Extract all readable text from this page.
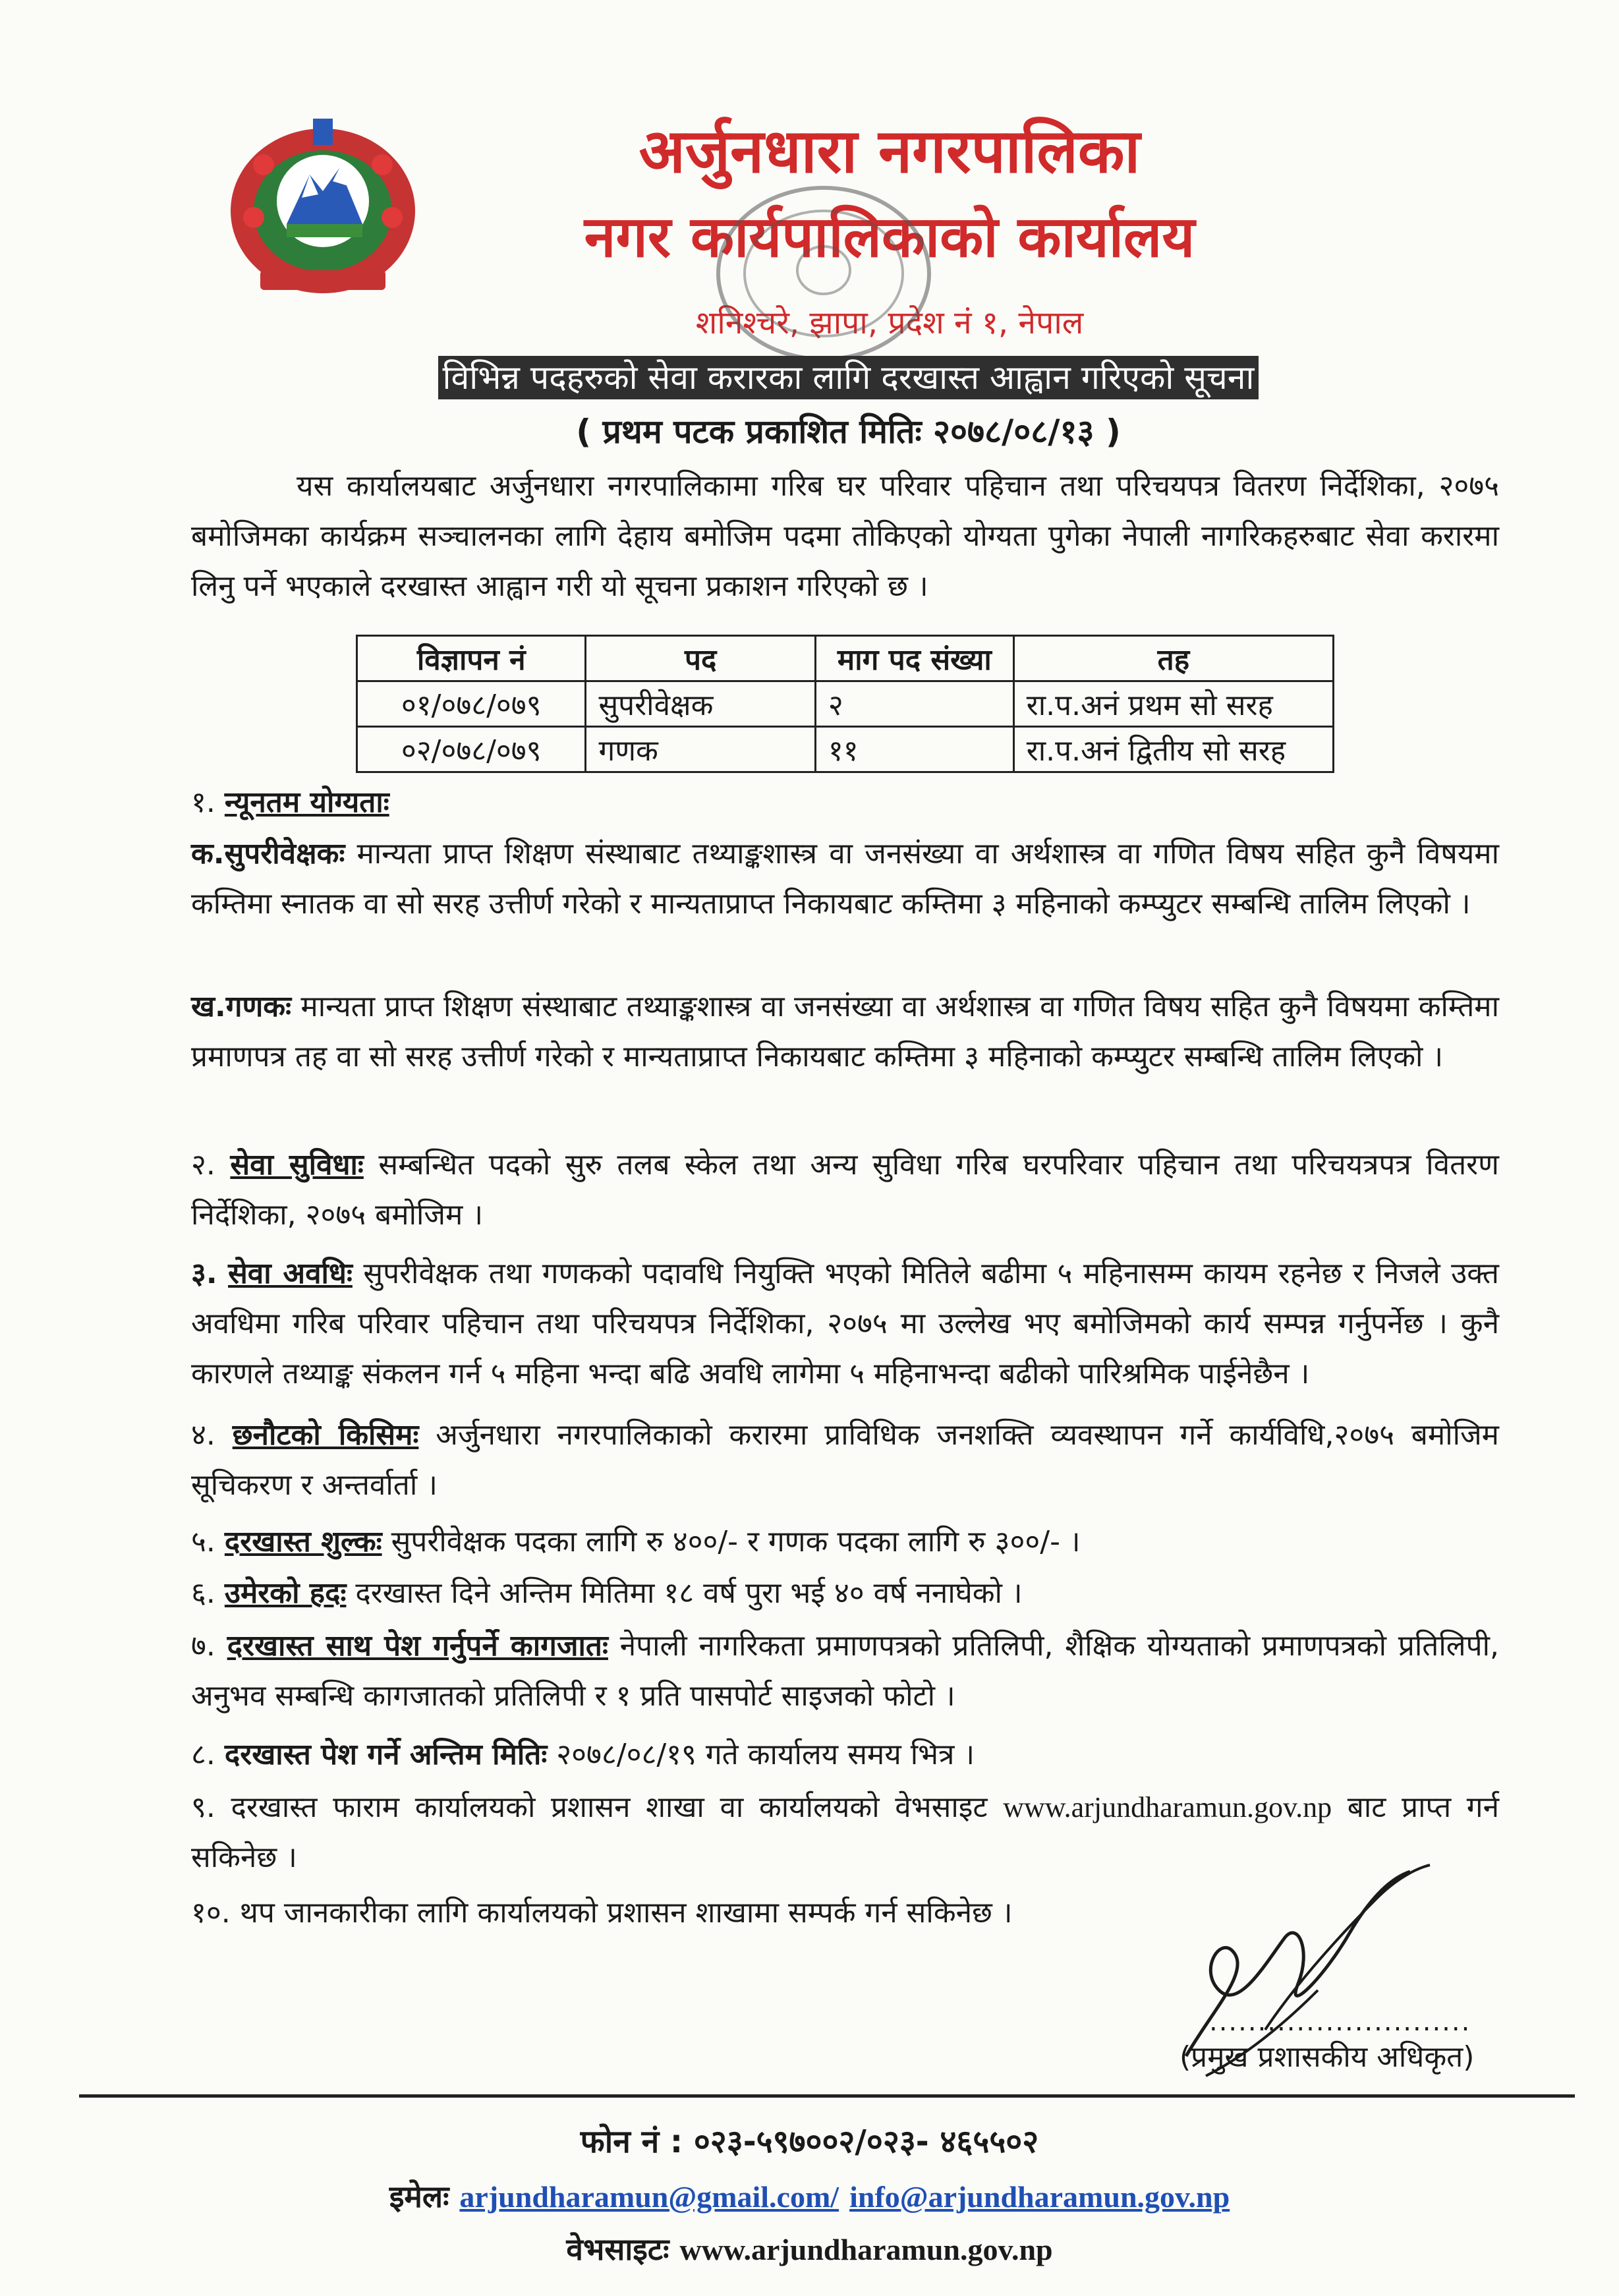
अर्जुनधारा नगरपालिका
नगर कार्यपालिकाको कार्यालय
शनिश्चरे, झापा, प्रदेश नं १, नेपाल
विभिन्न पदहरुको सेवा करारका लागि दरखास्त आह्वान गरिएको सूचना
( प्रथम पटक प्रकाशित मितिः २०७८/०८/१३ )
यस कार्यालयबाट अर्जुनधारा नगरपालिकामा गरिब घर परिवार पहिचान तथा परिचयपत्र वितरण निर्देशिका, २०७५ बमोजिमका कार्यक्रम सञ्चालनका लागि देहाय बमोजिम पदमा तोकिएको योग्यता पुगेका नेपाली नागरिकहरुबाट सेवा करारमा लिनु पर्ने भएकाले दरखास्त आह्वान गरी यो सूचना प्रकाशन गरिएको छ ।
विज्ञापन नं	पद	माग पद संख्या	तह
०१/०७८/०७९	सुपरीवेक्षक	२	रा.प.अनं प्रथम सो सरह
०२/०७८/०७९	गणक	११	रा.प.अनं द्वितीय सो सरह
१. न्यूनतम योग्यताः
क.सुपरीवेक्षकः मान्यता प्राप्त शिक्षण संस्थाबाट तथ्याङ्कशास्त्र वा जनसंख्या वा अर्थशास्त्र वा गणित विषय सहित कुनै विषयमा कम्तिमा स्नातक वा सो सरह उत्तीर्ण गरेको र मान्यताप्राप्त निकायबाट कम्तिमा ३ महिनाको कम्प्युटर सम्बन्धि तालिम लिएको ।
ख.गणकः मान्यता प्राप्त शिक्षण संस्थाबाट तथ्याङ्कशास्त्र वा जनसंख्या वा अर्थशास्त्र वा गणित विषय सहित कुनै विषयमा कम्तिमा प्रमाणपत्र तह वा सो सरह उत्तीर्ण गरेको र मान्यताप्राप्त निकायबाट कम्तिमा ३ महिनाको कम्प्युटर सम्बन्धि तालिम लिएको ।
२. सेवा सुविधाः सम्बन्धित पदको सुरु तलब स्केल तथा अन्य सुविधा गरिब घरपरिवार पहिचान तथा परिचयत्रपत्र वितरण निर्देशिका, २०७५ बमोजिम ।
३. सेवा अवधिः सुपरीवेक्षक तथा गणकको पदावधि नियुक्ति भएको मितिले बढीमा ५ महिनासम्म कायम रहनेछ र निजले उक्त अवधिमा गरिब परिवार पहिचान तथा परिचयपत्र निर्देशिका, २०७५ मा उल्लेख भए बमोजिमको कार्य सम्पन्न गर्नुपर्नेछ । कुनै कारणले तथ्याङ्क संकलन गर्न ५ महिना भन्दा बढि अवधि लागेमा ५ महिनाभन्दा बढीको पारिश्रमिक पाईनेछैन ।
४. छनौटको किसिमः अर्जुनधारा नगरपालिकाको करारमा प्राविधिक जनशक्ति व्यवस्थापन गर्ने कार्यविधि,२०७५ बमोजिम सूचिकरण र अन्तर्वार्ता ।
५. दरखास्त शुल्कः सुपरीवेक्षक पदका लागि रु ४००/- र गणक पदका लागि रु ३००/- ।
६. उमेरको हदः दरखास्त दिने अन्तिम मितिमा १८ वर्ष पुरा भई ४० वर्ष ननाघेको ।
७. दरखास्त साथ पेश गर्नुपर्ने कागजातः नेपाली नागरिकता प्रमाणपत्रको प्रतिलिपी, शैक्षिक योग्यताको प्रमाणपत्रको प्रतिलिपी, अनुभव सम्बन्धि कागजातको प्रतिलिपी र १ प्रति पासपोर्ट साइजको फोटो ।
८. दरखास्त पेश गर्ने अन्तिम मितिः २०७८/०८/१९ गते कार्यालय समय भित्र ।
९. दरखास्त फाराम कार्यालयको प्रशासन शाखा वा कार्यालयको वेभसाइट www.arjundharamun.gov.np बाट प्राप्त गर्न सकिनेछ ।
१०. थप जानकारीका लागि कार्यालयको प्रशासन शाखामा सम्पर्क गर्न सकिनेछ ।
...........................
(प्रमुख प्रशासकीय अधिकृत)
फोन नं : ०२३-५९७००२/०२३- ४६५५०२
इमेलः arjundharamun@gmail.com/ info@arjundharamun.gov.np
वेभसाइटः www.arjundharamun.gov.np
